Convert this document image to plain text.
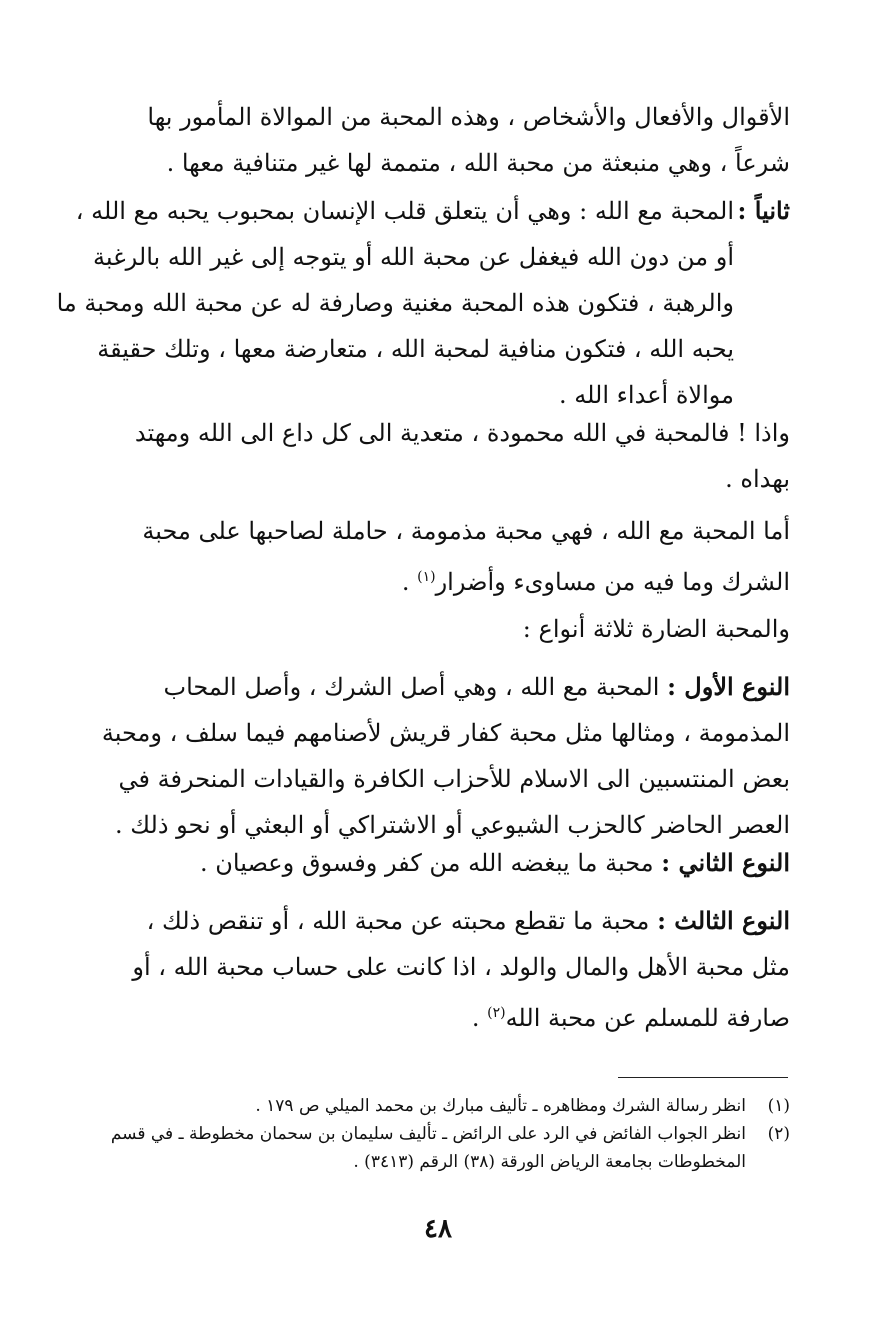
الأقوال والأفعال والأشخاص ، وهذه المحبة من الموالاة المأمور بها
شرعاً ، وهي منبعثة من محبة الله ، متممة لها غير متنافية معها .
ثانياً :
المحبة مع الله : وهي أن يتعلق قلب الإنسان بمحبوب يحبه مع الله ،
أو من دون الله فيغفل عن محبة الله أو يتوجه إلى غير الله بالرغبة
والرهبة ، فتكون هذه المحبة مغنية وصارفة له عن محبة الله ومحبة ما
يحبه الله ، فتكون منافية لمحبة الله ، متعارضة معها ، وتلك حقيقة
موالاة أعداء الله .
واذا ! فالمحبة في الله محمودة ، متعدية الى كل داع الى الله ومهتد
بهداه .
أما المحبة مع الله ، فهي محبة مذمومة ، حاملة لصاحبها على محبة
الشرك وما فيه من مساوىء وأضرار$^{(١)}$ .
والمحبة الضارة ثلاثة أنواع :
النوع الأول : المحبة مع الله ، وهي أصل الشرك ، وأصل المحاب
المذمومة ، ومثالها مثل محبة كفار قريش لأصنامهم فيما سلف ، ومحبة
بعض المنتسبين الى الاسلام للأحزاب الكافرة والقيادات المنحرفة في
العصر الحاضر كالحزب الشيوعي أو الاشتراكي أو البعثي أو نحو ذلك .
النوع الثاني : محبة ما يبغضه الله من كفر وفسوق وعصيان .
النوع الثالث : محبة ما تقطع محبته عن محبة الله ، أو تنقص ذلك ،
مثل محبة الأهل والمال والولد ، اذا كانت على حساب محبة الله ، أو
صارفة للمسلم عن محبة الله$^{(٢)}$ .
(١)
انظر رسالة الشرك ومظاهره ـ تأليف مبارك بن محمد الميلي ص ١٧٩ .
(٢)
انظر الجواب الفائض في الرد على الرائض ـ تأليف سليمان بن سحمان مخطوطة ـ في قسم
المخطوطات بجامعة الرياض الورقة (٣٨) الرقم (٣٤١٣) .
٤٨
